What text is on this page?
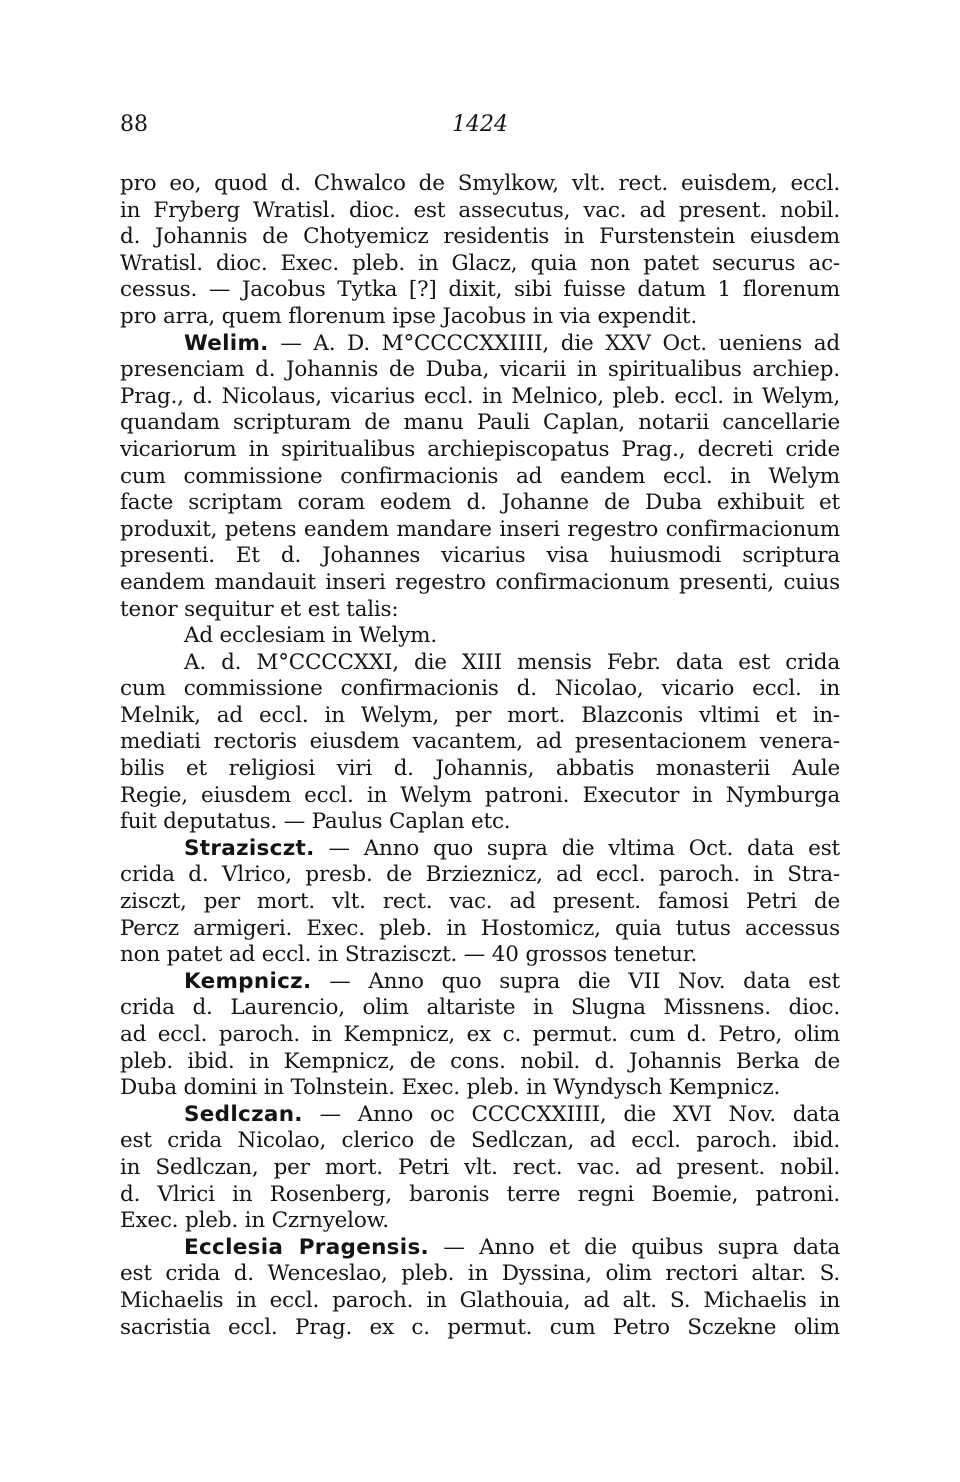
88	1424
pro eo, quod d. Chwalco de Smylkow, vlt. rect. euisdem, eccl.
in Fryberg Wratisl. dioc. est assecutus, vac. ad present. nobil.
d. Johannis de Chotyemicz residentis in Furstenstein eiusdem
Wratisl. dioc. Exec. pleb. in Glacz, quia non patet securus ac-
cessus. — Jacobus Tytka [?] dixit, sibi fuisse datum 1 florenum
pro arra, quem florenum ipse Jacobus in via expendit.
Welim. — A. D. M°CCCCXXIIII, die XXV Oct. ueniens ad
presenciam d. Johannis de Duba, vicarii in spiritualibus archiep.
Prag., d. Nicolaus, vicarius eccl. in Melnico, pleb. eccl. in Welym,
quandam scripturam de manu Pauli Caplan, notarii cancellarie
vicariorum in spiritualibus archiepiscopatus Prag., decreti cride
cum commissione confirmacionis ad eandem eccl. in Welym
facte scriptam coram eodem d. Johanne de Duba exhibuit et
produxit, petens eandem mandare inseri regestro confirmacionum
presenti. Et d. Johannes vicarius visa huiusmodi scriptura
eandem mandauit inseri regestro confirmacionum presenti, cuius
tenor sequitur et est talis:
Ad ecclesiam in Welym.
A. d. M°CCCCXXI, die XIII mensis Febr. data est crida
cum commissione confirmacionis d. Nicolao, vicario eccl. in
Melnik, ad eccl. in Welym, per mort. Blazconis vltimi et in-
mediati rectoris eiusdem vacantem, ad presentacionem venera-
bilis et religiosi viri d. Johannis, abbatis monasterii Aule
Regie, eiusdem eccl. in Welym patroni. Executor in Nymburga
fuit deputatus. — Paulus Caplan etc.
Strazisczt. — Anno quo supra die vltima Oct. data est
crida d. Vlrico, presb. de Brzieznicz, ad eccl. paroch. in Stra-
zisczt, per mort. vlt. rect. vac. ad present. famosi Petri de
Percz armigeri. Exec. pleb. in Hostomicz, quia tutus accessus
non patet ad eccl. in Strazisczt. — 40 grossos tenetur.
Kempnicz. — Anno quo supra die VII Nov. data est
crida d. Laurencio, olim altariste in Slugna Missnens. dioc.
ad eccl. paroch. in Kempnicz, ex c. permut. cum d. Petro, olim
pleb. ibid. in Kempnicz, de cons. nobil. d. Johannis Berka de
Duba domini in Tolnstein. Exec. pleb. in Wyndysch Kempnicz.
Sedlczan. — Anno oc CCCCXXIIII, die XVI Nov. data
est crida Nicolao, clerico de Sedlczan, ad eccl. paroch. ibid.
in Sedlczan, per mort. Petri vlt. rect. vac. ad present. nobil.
d. Vlrici in Rosenberg, baronis terre regni Boemie, patroni.
Exec. pleb. in Czrnyelow.
Ecclesia Pragensis. — Anno et die quibus supra data
est crida d. Wenceslao, pleb. in Dyssina, olim rectori altar. S.
Michaelis in eccl. paroch. in Glathouia, ad alt. S. Michaelis in
sacristia eccl. Prag. ex c. permut. cum Petro Sczekne olim
